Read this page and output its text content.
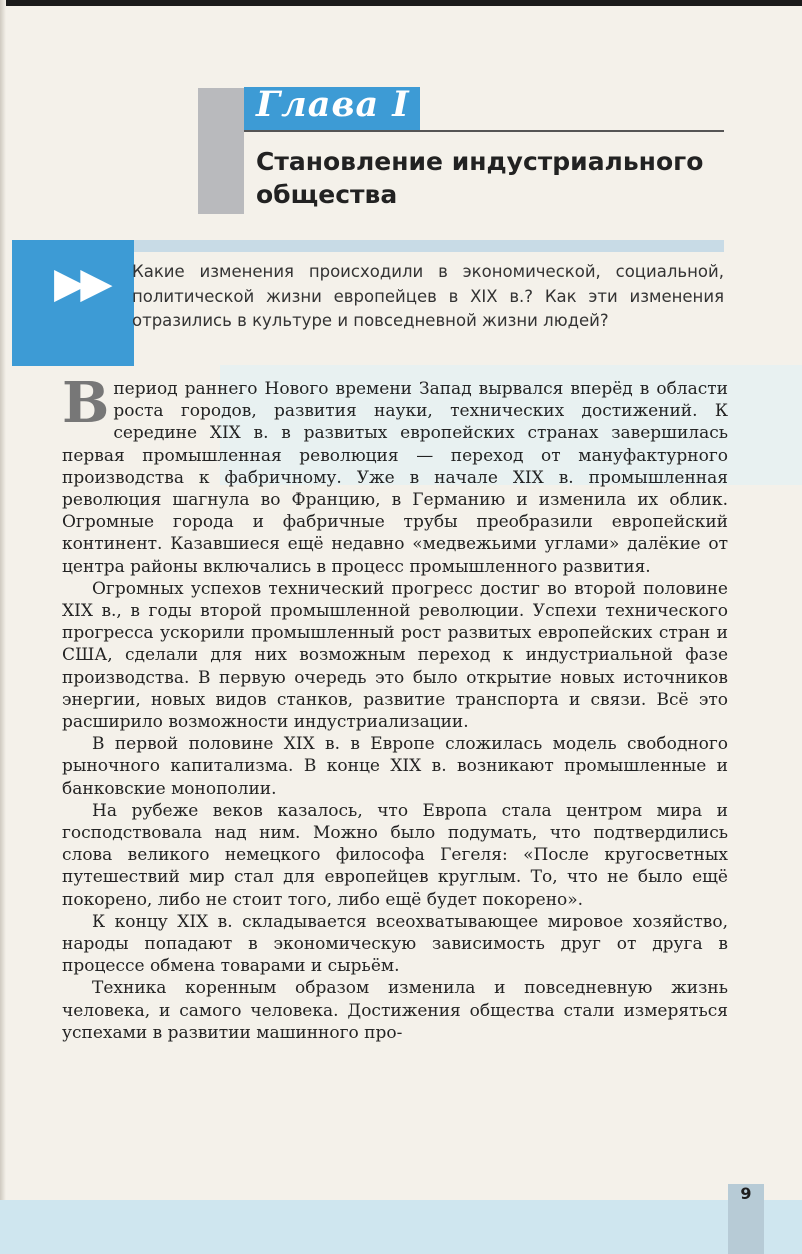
Глава I
Становление индустриального общества
▶▶ Какие изменения происходили в экономической, социальной, политической жизни европейцев в XIX в.? Как эти изменения отразились в культуре и повседневной жизни людей?

В период раннего Нового времени Запад вырвался вперёд в области роста городов, развития науки, технических достижений. К середине XIX в. в развитых европейских странах завершилась первая промышленная революция — переход от мануфактурного производства к фабричному. Уже в начале XIX в. промышленная революция шагнула во Францию, в Германию и изменила их облик. Огромные города и фабричные трубы преобразили европейский континент. Казавшиеся ещё недавно «медвежьими углами» далёкие от центра районы включались в процесс промышленного развития.

Огромных успехов технический прогресс достиг во второй половине XIX в., в годы второй промышленной революции. Успехи технического прогресса ускорили промышленный рост развитых европейских стран и США, сделали для них возможным переход к индустриальной фазе производства. В первую очередь это было открытие новых источников энергии, новых видов станков, развитие транспорта и связи. Всё это расширило возможности индустриализации.

В первой половине XIX в. в Европе сложилась модель свободного рыночного капитализма. В конце XIX в. возникают промышленные и банковские монополии.

На рубеже веков казалось, что Европа стала центром мира и господствовала над ним. Можно было подумать, что подтвердились слова великого немецкого философа Гегеля: «После кругосветных путешествий мир стал для европейцев круглым. То, что не было ещё покорено, либо не стоит того, либо ещё будет покорено».

К концу XIX в. складывается всеохватывающее мировое хозяйство, народы попадают в экономическую зависимость друг от друга в процессе обмена товарами и сырьём.

Техника коренным образом изменила и повседневную жизнь человека, и самого человека. Достижения общества стали измеряться успехами в развитии машинного про-

9
